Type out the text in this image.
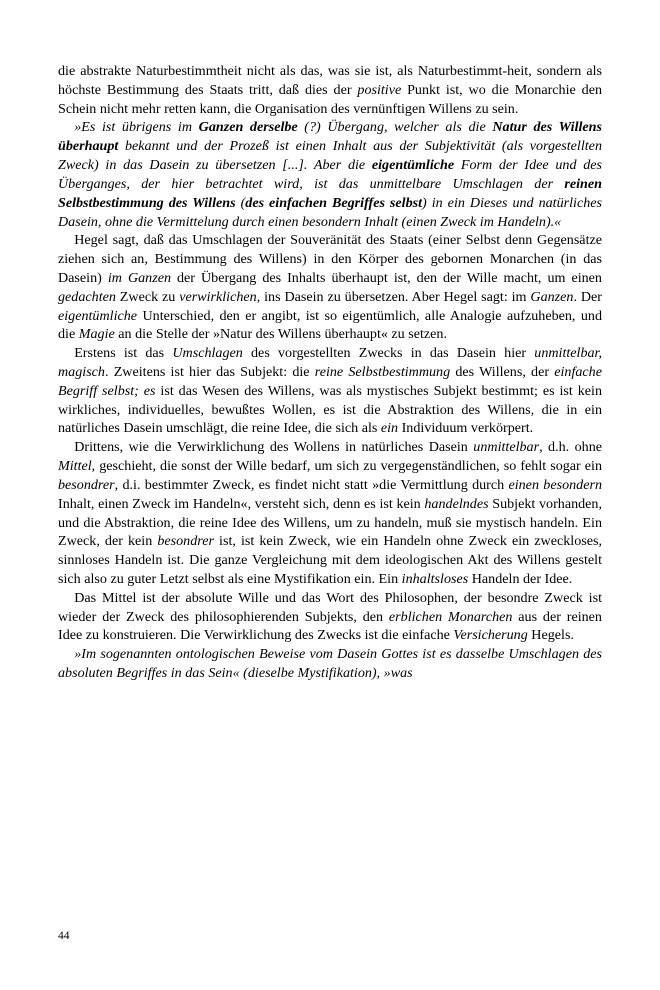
die abstrakte Naturbestimmtheit nicht als das, was sie ist, als Naturbestimmt-heit, sondern als höchste Bestimmung des Staats tritt, daß dies der positive Punkt ist, wo die Monarchie den Schein nicht mehr retten kann, die Organisation des vernünftigen Willens zu sein.

»Es ist übrigens im Ganzen derselbe (?) Übergang, welcher als die Natur des Willens überhaupt bekannt und der Prozeß ist einen Inhalt aus der Subjektivität (als vorgestellten Zweck) in das Dasein zu übersetzen [...]. Aber die eigentümliche Form der Idee und des Überganges, der hier betrachtet wird, ist das unmittelbare Umschlagen der reinen Selbstbestimmung des Willens (des einfachen Begriffes selbst) in ein Dieses und natürliches Dasein, ohne die Vermittelung durch einen besondern Inhalt (einen Zweck im Handeln).«

Hegel sagt, daß das Umschlagen der Souveränität des Staats (einer Selbst denn Gegensätze ziehen sich an, Bestimmung des Willens) in den Körper des gebornen Monarchen (in das Dasein) im Ganzen der Übergang des Inhalts überhaupt ist, den der Wille macht, um einen gedachten Zweck zu verwirklichen, ins Dasein zu übersetzen. Aber Hegel sagt: im Ganzen. Der eigentümliche Unterschied, den er angibt, ist so eigentümlich, alle Analogie aufzuheben, und die Magie an die Stelle der »Natur des Willens überhaupt« zu setzen.

Erstens ist das Umschlagen des vorgestellten Zwecks in das Dasein hier unmittelbar, magisch. Zweitens ist hier das Subjekt: die reine Selbstbestimmung des Willens, der einfache Begriff selbst; es ist das Wesen des Willens, was als mystisches Subjekt bestimmt; es ist kein wirkliches, individuelles, bewußtes Wollen, es ist die Abstraktion des Willens, die in ein natürliches Dasein umschlägt, die reine Idee, die sich als ein Individuum verkörpert.

Drittens, wie die Verwirklichung des Wollens in natürliches Dasein unmittelbar, d.h. ohne Mittel, geschieht, die sonst der Wille bedarf, um sich zu vergegenständlichen, so fehlt sogar ein besondrer, d.i. bestimmter Zweck, es findet nicht statt »die Vermittlung durch einen besondern Inhalt, einen Zweck im Handeln«, versteht sich, denn es ist kein handelndes Subjekt vorhanden, und die Abstraktion, die reine Idee des Willens, um zu handeln, muß sie mystisch handeln. Ein Zweck, der kein besondrer ist, ist kein Zweck, wie ein Handeln ohne Zweck ein zweckloses, sinnloses Handeln ist. Die ganze Vergleichung mit dem ideologischen Akt des Willens gestelt sich also zu guter Letzt selbst als eine Mystifikation ein. Ein inhaltsloses Handeln der Idee.

Das Mittel ist der absolute Wille und das Wort des Philosophen, der besondre Zweck ist wieder der Zweck des philosophierenden Subjekts, den erblichen Monarchen aus der reinen Idee zu konstruieren. Die Verwirklichung des Zwecks ist die einfache Versicherung Hegels.

»Im sogenannten ontologischen Beweise vom Dasein Gottes ist es dasselbe Umschlagen des absoluten Begriffes in das Sein« (dieselbe Mystifikation), »was

44
